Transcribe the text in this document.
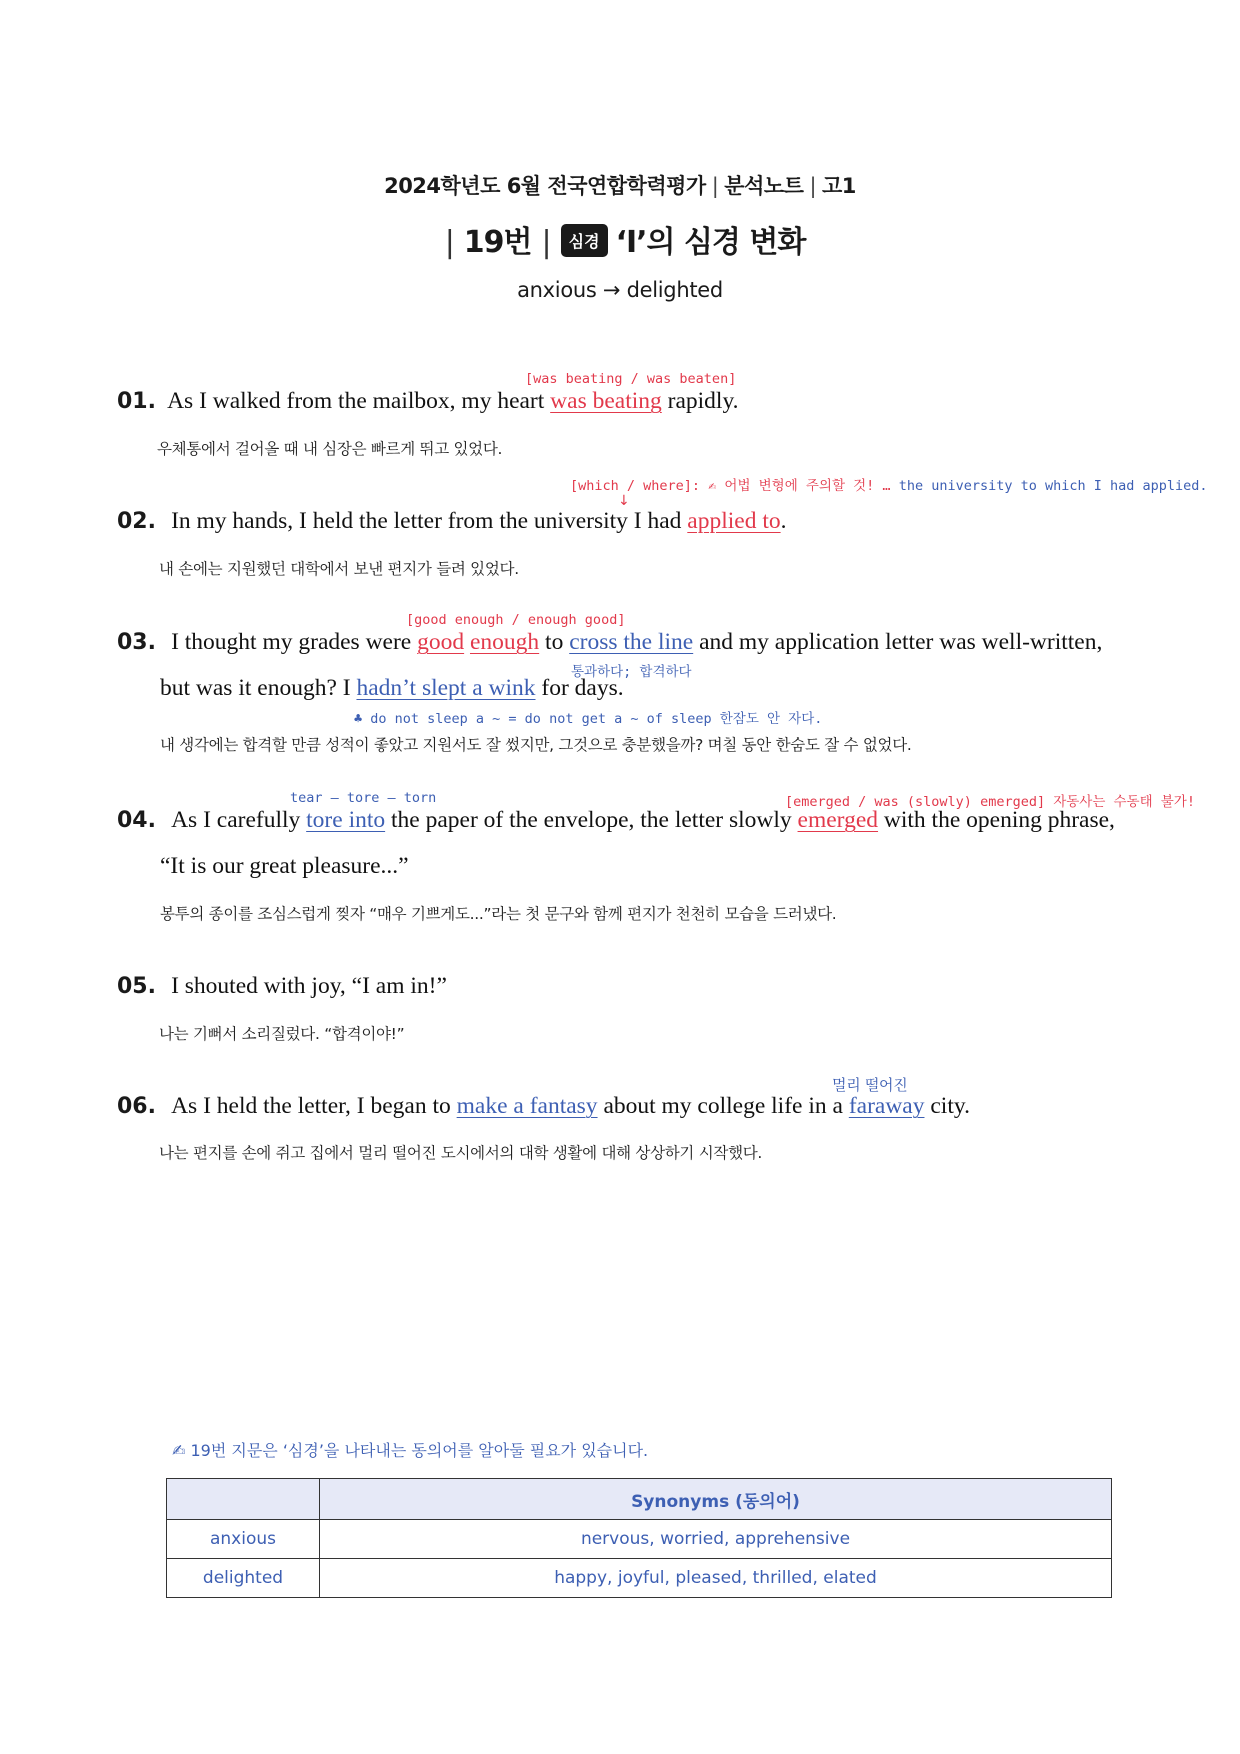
2024학년도 6월 전국연합학력평가 | 분석노트 | 고1
| 19번 | 심경 ‘I’의 심경 변화
anxious → delighted
[was beating / was beaten]
01. As I walked from the mailbox, my heart was beating rapidly.
우체통에서 걸어올 때 내 심장은 빠르게 뛰고 있었다.
[which / where]: ✍ 어법 변형에 주의할 것! … the university to which I had applied.
↓
02. In my hands, I held the letter from the university I had applied to.
내 손에는 지원했던 대학에서 보낸 편지가 들려 있었다.
[good enough / enough good]
03. I thought my grades were good enough to cross the line and my application letter was well-written,
통과하다; 합격하다
but was it enough? I hadn’t slept a wink for days.
♣ do not sleep a ~ = do not get a ~ of sleep 한잠도 안 자다.
내 생각에는 합격할 만큼 성적이 좋았고 지원서도 잘 썼지만, 그것으로 충분했을까? 며칠 동안 한숨도 잘 수 없었다.
tear – tore – torn	[emerged / was (slowly) emerged] 자동사는 수동태 불가!
04. As I carefully tore into the paper of the envelope, the letter slowly emerged with the opening phrase,
“It is our great pleasure...”
봉투의 종이를 조심스럽게 찢자 “매우 기쁘게도...”라는 첫 문구와 함께 편지가 천천히 모습을 드러냈다.
05. I shouted with joy, “I am in!”
나는 기뻐서 소리질렀다. “합격이야!”
멀리 떨어진
06. As I held the letter, I began to make a fantasy about my college life in a faraway city.
나는 편지를 손에 쥐고 집에서 멀리 떨어진 도시에서의 대학 생활에 대해 상상하기 시작했다.
✍ 19번 지문은 ‘심경’을 나타내는 동의어를 알아둘 필요가 있습니다.
	Synonyms (동의어)
anxious	nervous, worried, apprehensive
delighted	happy, joyful, pleased, thrilled, elated
